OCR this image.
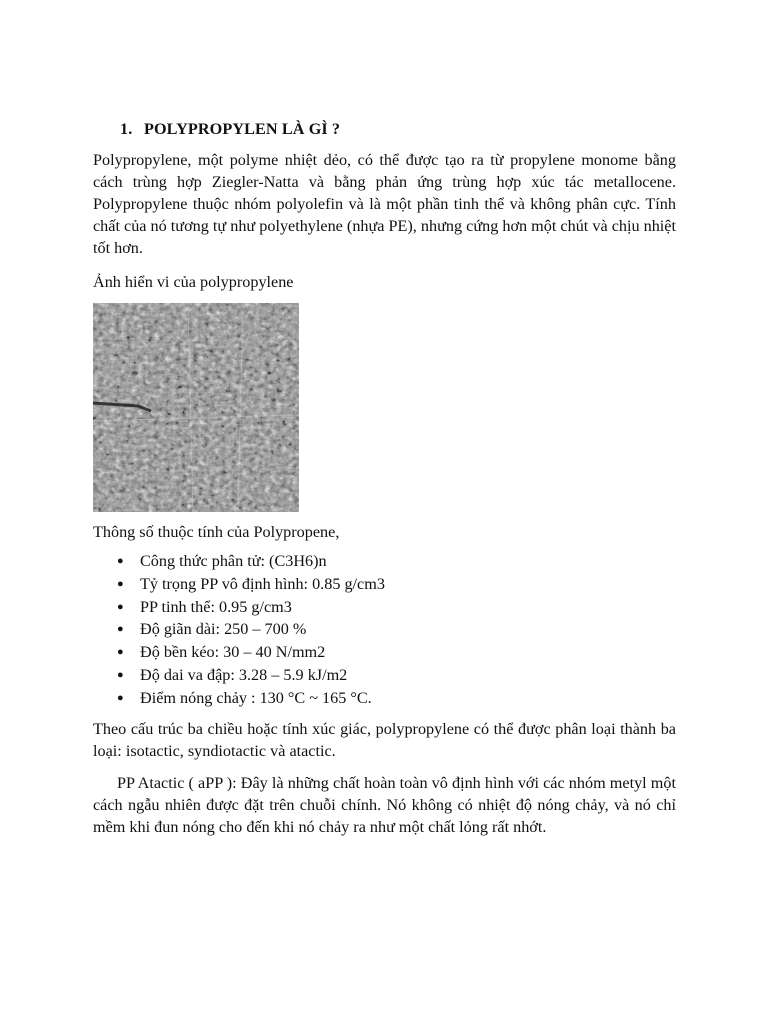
1. POLYPROPYLEN LÀ GÌ ?

Polypropylene, một polyme nhiệt dẻo, có thể được tạo ra từ propylene monome bằng cách trùng hợp Ziegler-Natta và bằng phản ứng trùng hợp xúc tác metallocene. Polypropylene thuộc nhóm polyolefin và là một phần tinh thể và không phân cực. Tính chất của nó tương tự như polyethylene (nhựa PE), nhưng cứng hơn một chút và chịu nhiệt tốt hơn.

Ảnh hiển vi của polypropylene

Thông số thuộc tính của Polypropene,

● Công thức phân tử: (C3H6)n
● Tỷ trọng PP vô định hình: 0.85 g/cm3
● PP tinh thể: 0.95 g/cm3
● Độ giãn dài: 250 – 700 %
● Độ bền kéo: 30 – 40 N/mm2
● Độ dai va đập: 3.28 – 5.9 kJ/m2
● Điểm nóng chảy : 130 °C ~ 165 °C.

Theo cấu trúc ba chiều hoặc tính xúc giác, polypropylene có thể được phân loại thành ba loại: isotactic, syndiotactic và atactic.

PP Atactic ( aPP ): Đây là những chất hoàn toàn vô định hình với các nhóm metyl một cách ngẫu nhiên được đặt trên chuỗi chính. Nó không có nhiệt độ nóng chảy, và nó chỉ mềm khi đun nóng cho đến khi nó chảy ra như một chất lỏng rất nhớt.
